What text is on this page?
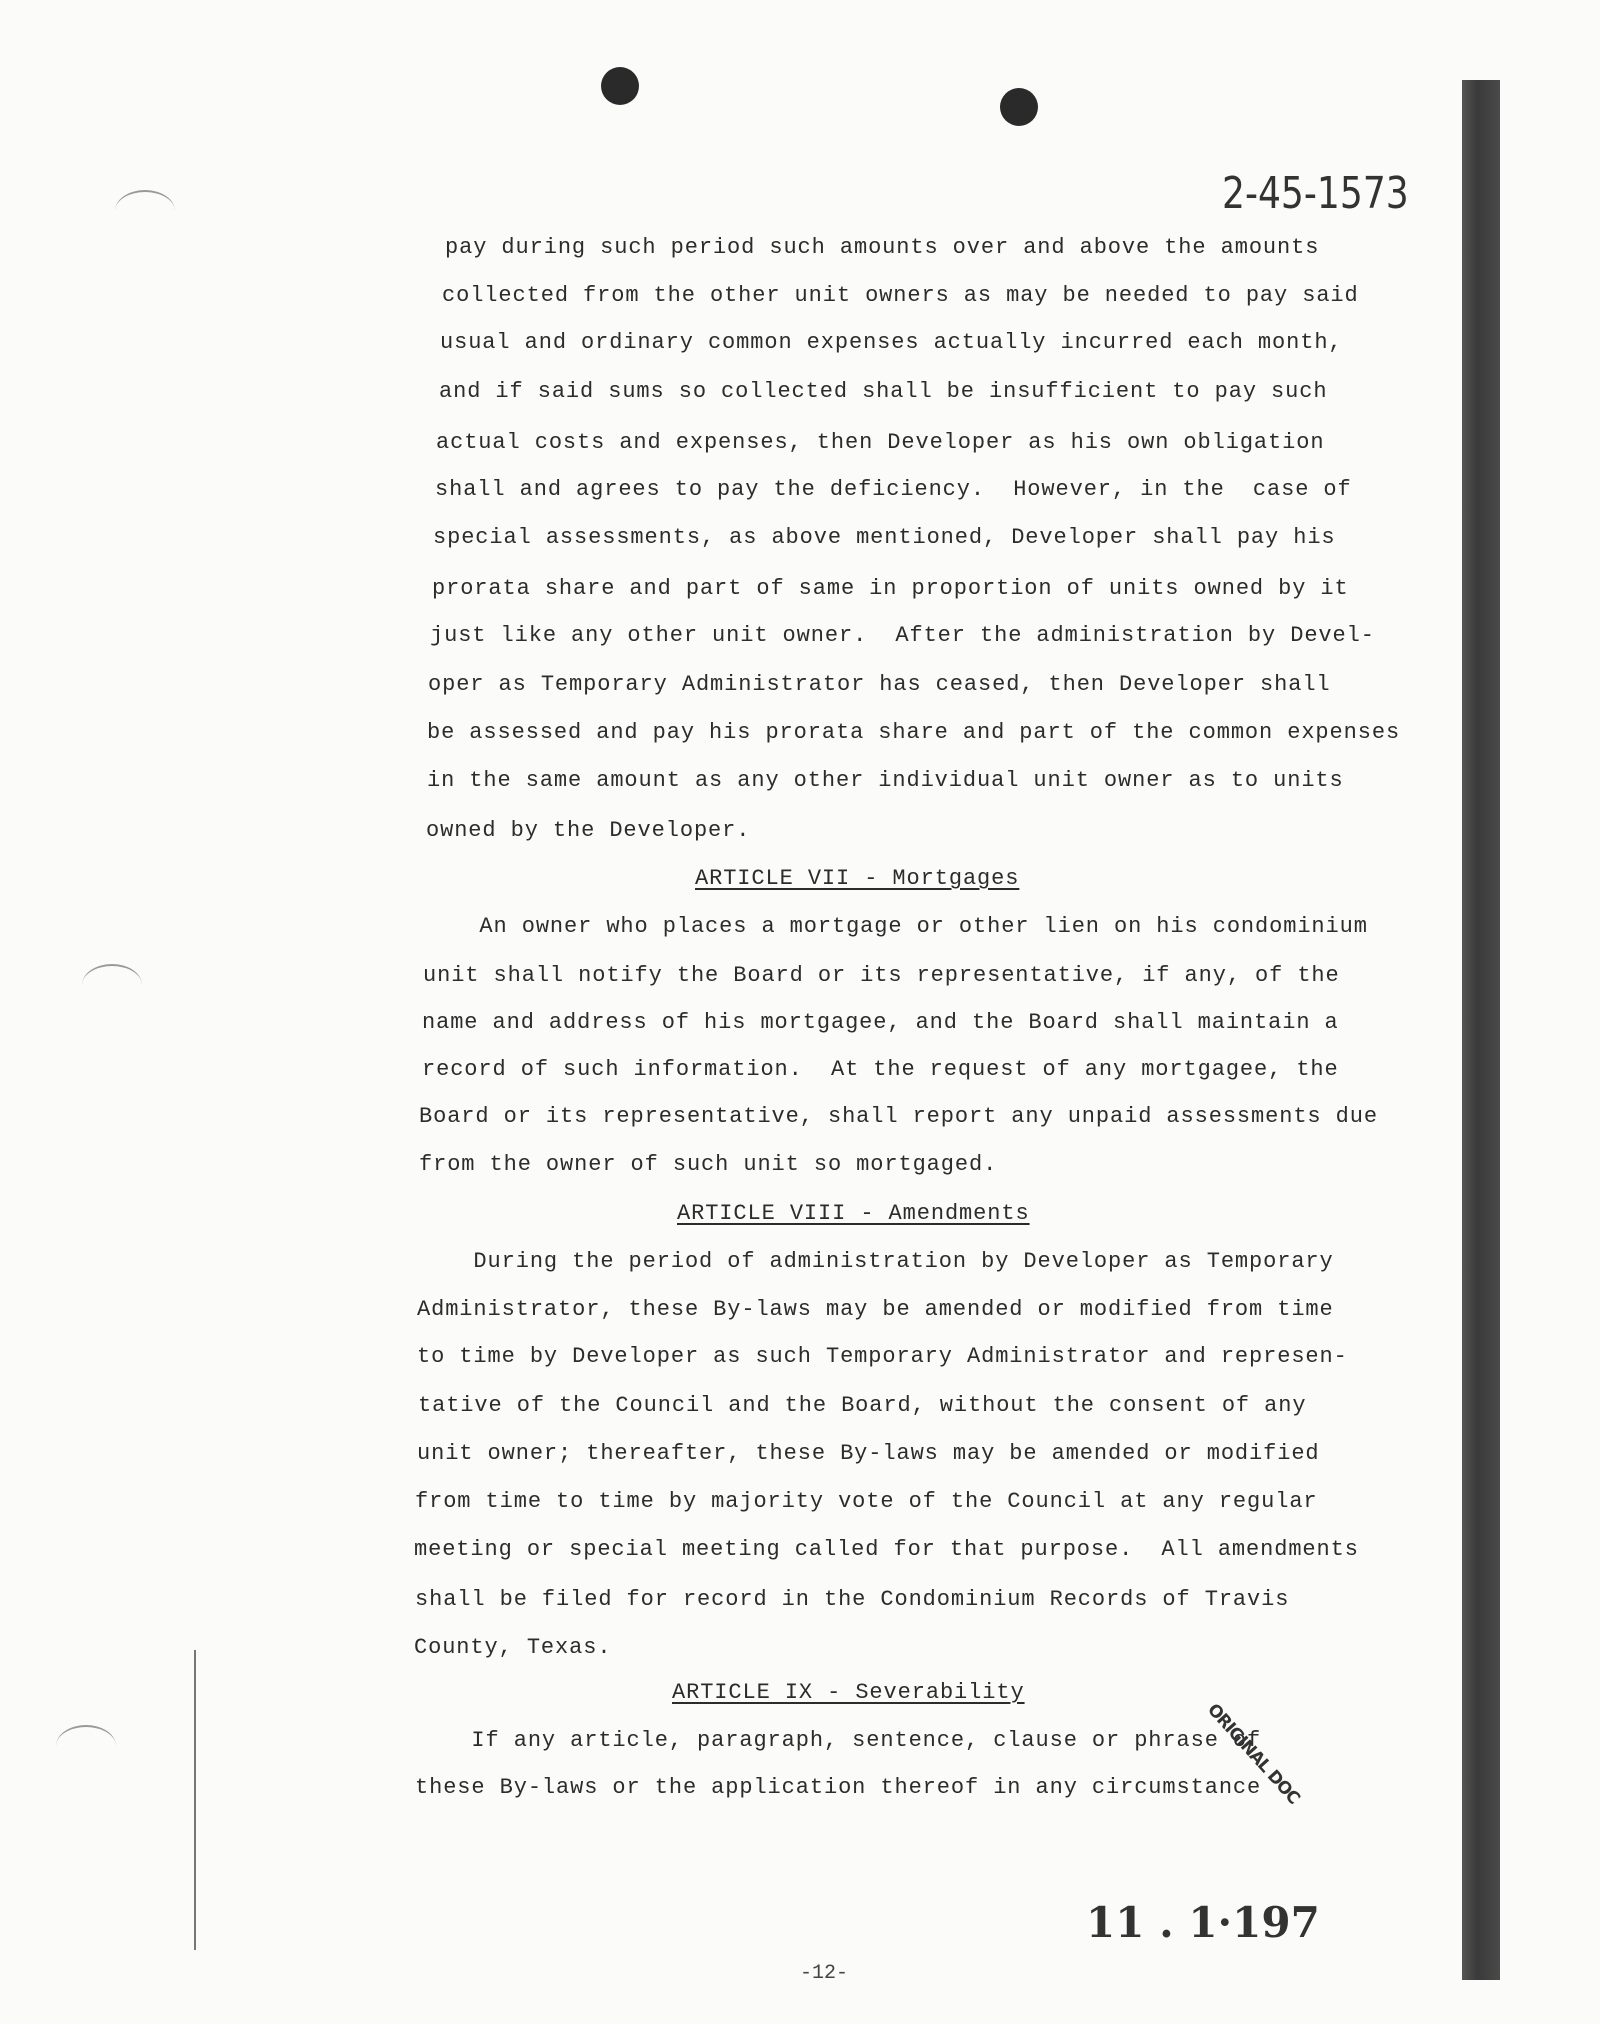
2-45-1573
pay during such period such amounts over and above the amounts
collected from the other unit owners as may be needed to pay said
usual and ordinary common expenses actually incurred each month,
and if said sums so collected shall be insufficient to pay such
actual costs and expenses, then Developer as his own obligation
shall and agrees to pay the deficiency.  However, in the  case of
special assessments, as above mentioned, Developer shall pay his
prorata share and part of same in proportion of units owned by it
just like any other unit owner.  After the administration by Devel-
oper as Temporary Administrator has ceased, then Developer shall
be assessed and pay his prorata share and part of the common expenses
in the same amount as any other individual unit owner as to units
owned by the Developer.
ARTICLE VII - Mortgages
An owner who places a mortgage or other lien on his condominium
unit shall notify the Board or its representative, if any, of the
name and address of his mortgagee, and the Board shall maintain a
record of such information.  At the request of any mortgagee, the
Board or its representative, shall report any unpaid assessments due
from the owner of such unit so mortgaged.
ARTICLE VIII - Amendments
During the period of administration by Developer as Temporary
Administrator, these By-laws may be amended or modified from time
to time by Developer as such Temporary Administrator and represen-
tative of the Council and the Board, without the consent of any
unit owner; thereafter, these By-laws may be amended or modified
from time to time by majority vote of the Council at any regular
meeting or special meeting called for that purpose.  All amendments
shall be filed for record in the Condominium Records of Travis
County, Texas.
ARTICLE IX - Severability
If any article, paragraph, sentence, clause or phrase of
these By-laws or the application thereof in any circumstance
ORIGINAL DOC
11 . 1·197
-12-
